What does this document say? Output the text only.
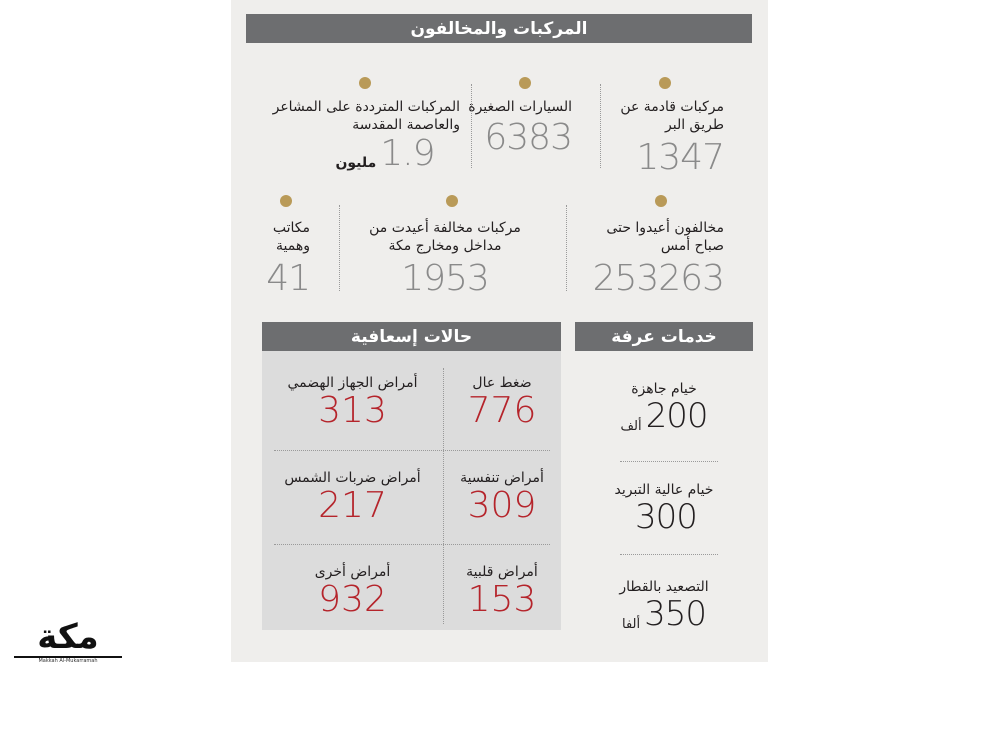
المركبات والمخالفون
مركبات قادمة عن طريق البر
1347
السيارات الصغيرة
6383
المركبات المترددة على المشاعر والعاصمة المقدسة
1.9
مليون
مخالفون أعيدوا حتى صباح أمس
253263
مركبات مخالفة أعيدت من مداخل ومخارج مكة
1953
مكاتب وهمية
41
خدمات عرفة
حالات إسعافية
ضغط عال
776
أمراض الجهاز الهضمي
313
أمراض تنفسية
309
أمراض ضربات الشمس
217
أمراض قلبية
153
أمراض أخرى
932
خيام جاهزة
200
ألف
خيام عالية التبريد
300
التصعيد بالقطار
350
ألفا
مكة
Makkah Al-Mukarramah
